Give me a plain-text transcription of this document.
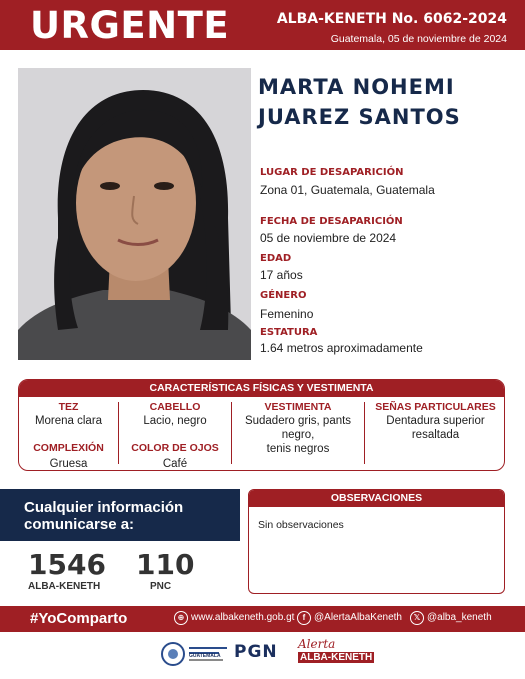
URGENTE	ALBA-KENETH No. 6062-2024
Guatemala, 05 de noviembre de 2024
MARTA NOHEMI
JUAREZ SANTOS
LUGAR DE DESAPARICIÓN
Zona 01, Guatemala, Guatemala
FECHA DE DESAPARICIÓN
05 de noviembre de 2024
EDAD
17 años
GÉNERO
Femenino
ESTATURA
1.64 metros aproximadamente
CARACTERÍSTICAS FÍSICAS Y VESTIMENTA
TEZ
Morena clara
CABELLO
Lacio, negro
VESTIMENTA
Sudadero gris, pants
negro,
tenis negros
SEÑAS PARTICULARES
Dentadura superior
resaltada
COMPLEXIÓN
Gruesa
COLOR DE OJOS
Café
Cualquier información
comunicarse a:
1546
ALBA-KENETH
110
PNC
OBSERVACIONES
Sin observaciones
#YoComparto	⊕ www.albakeneth.gob.gt	f @AlertaAlbaKeneth	𝕏 @alba_keneth
GUATEMALA PGN Alerta
ALBA-KENETH
